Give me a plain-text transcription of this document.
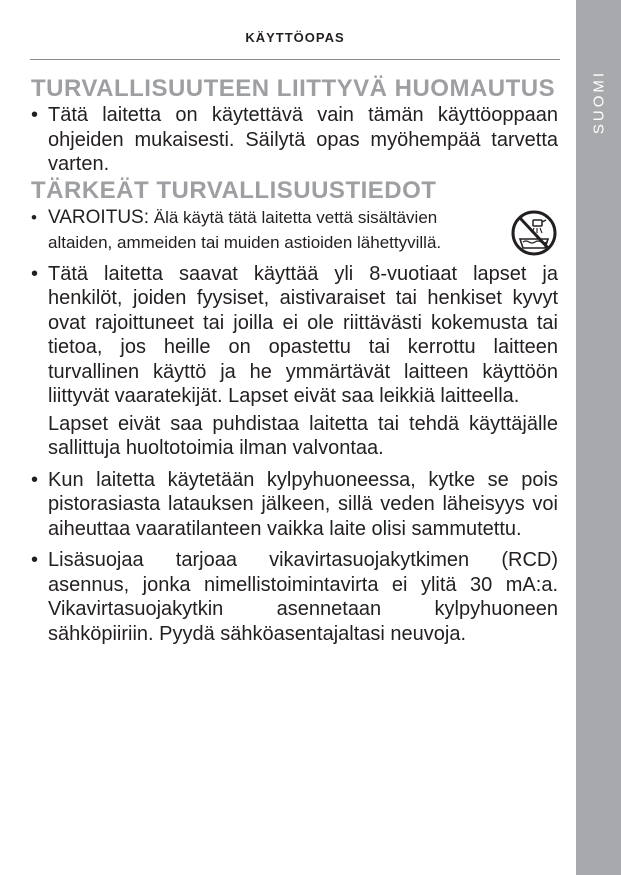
KÄYTTÖOPAS
SUOMI
TURVALLISUUTEEN LIITTYVÄ HUOMAUTUS
• Tätä laitetta on käytettävä vain tämän käyttöoppaan ohjeiden mukaisesti. Säilytä opas myöhempää tarvetta varten.
TÄRKEÄT TURVALLISUUSTIEDOT
• VAROITUS: Älä käytä tätä laitetta vettä sisältävien altaiden, ammeiden tai muiden astioiden lähettyvillä.
• Tätä laitetta saavat käyttää yli 8-vuotiaat lapset ja henkilöt, joiden fyysiset, aistivaraiset tai henkiset kyvyt ovat rajoittuneet tai joilla ei ole riittävästi kokemusta tai tietoa, jos heille on opastettu tai kerrottu laitteen turvallinen käyttö ja he ymmärtävät laitteen käyttöön liittyvät vaaratekijät. Lapset eivät saa leikkiä laitteella.
Lapset eivät saa puhdistaa laitetta tai tehdä käyttäjälle sallittuja huoltotoimia ilman valvontaa.
• Kun laitetta käytetään kylpyhuoneessa, kytke se pois pistorasiasta latauksen jälkeen, sillä veden läheisyys voi aiheuttaa vaaratilanteen vaikka laite olisi sammutettu.
• Lisäsuojaa tarjoaa vikavirtasuojakytkimen (RCD) asennus, jonka nimellistoimintavirta ei ylitä 30 mA:a. Vikavirtasuojakytkin asennetaan kylpyhuoneen sähköpiiriin. Pyydä sähköasentajaltasi neuvoja.
